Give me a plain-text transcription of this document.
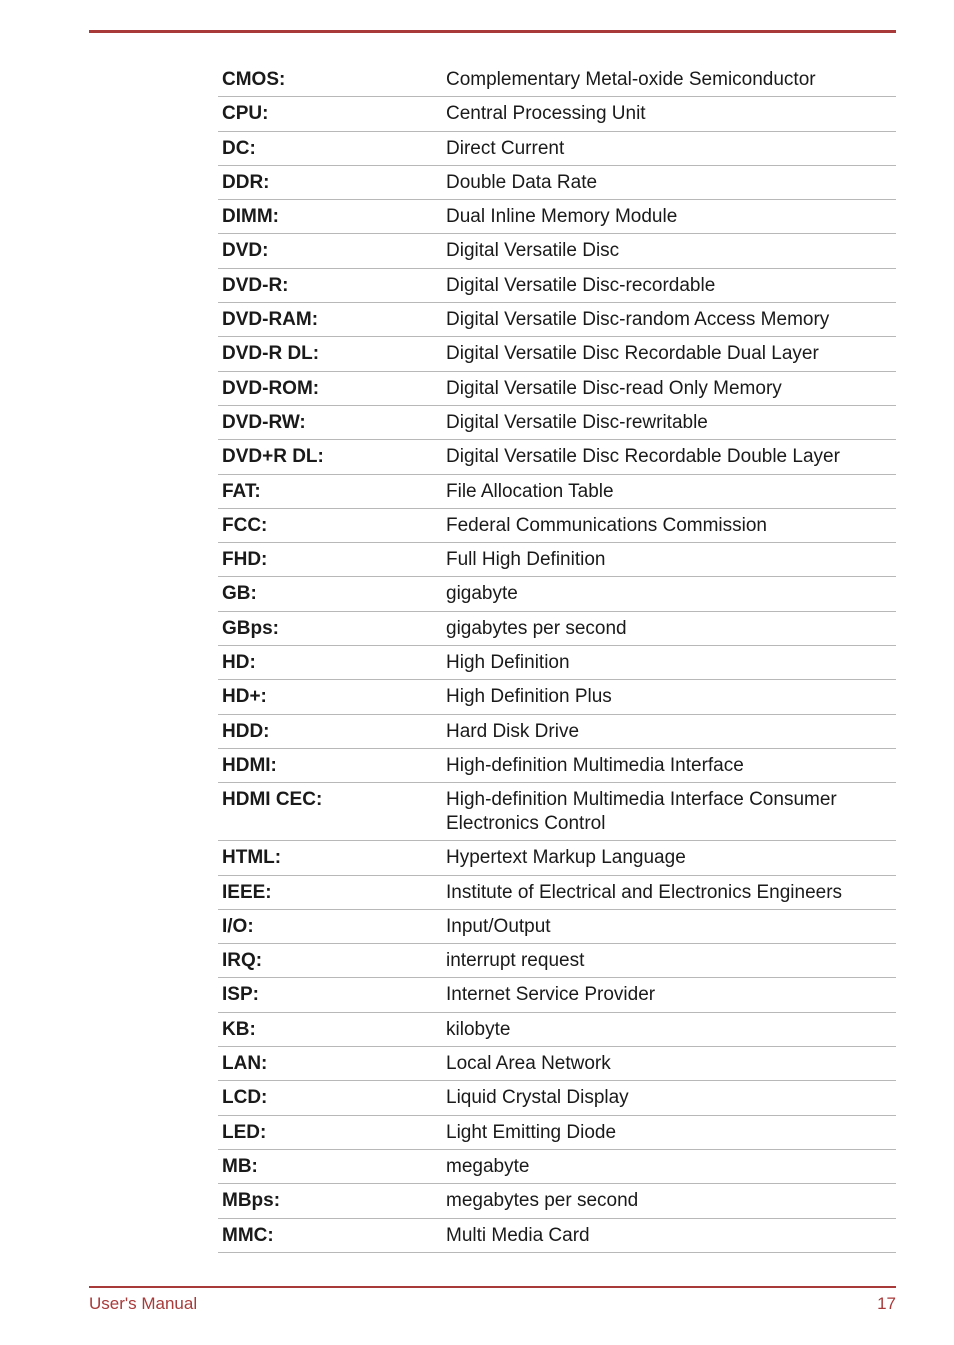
CMOS:	Complementary Metal-oxide Semiconductor
CPU:	Central Processing Unit
DC:	Direct Current
DDR:	Double Data Rate
DIMM:	Dual Inline Memory Module
DVD:	Digital Versatile Disc
DVD-R:	Digital Versatile Disc-recordable
DVD-RAM:	Digital Versatile Disc-random Access Memory
DVD-R DL:	Digital Versatile Disc Recordable Dual Layer
DVD-ROM:	Digital Versatile Disc-read Only Memory
DVD-RW:	Digital Versatile Disc-rewritable
DVD+R DL:	Digital Versatile Disc Recordable Double Layer
FAT:	File Allocation Table
FCC:	Federal Communications Commission
FHD:	Full High Definition
GB:	gigabyte
GBps:	gigabytes per second
HD:	High Definition
HD+:	High Definition Plus
HDD:	Hard Disk Drive
HDMI:	High-definition Multimedia Interface
HDMI CEC:	High-definition Multimedia Interface Consumer Electronics Control
HTML:	Hypertext Markup Language
IEEE:	Institute of Electrical and Electronics Engineers
I/O:	Input/Output
IRQ:	interrupt request
ISP:	Internet Service Provider
KB:	kilobyte
LAN:	Local Area Network
LCD:	Liquid Crystal Display
LED:	Light Emitting Diode
MB:	megabyte
MBps:	megabytes per second
MMC:	Multi Media Card
User's Manual	17
